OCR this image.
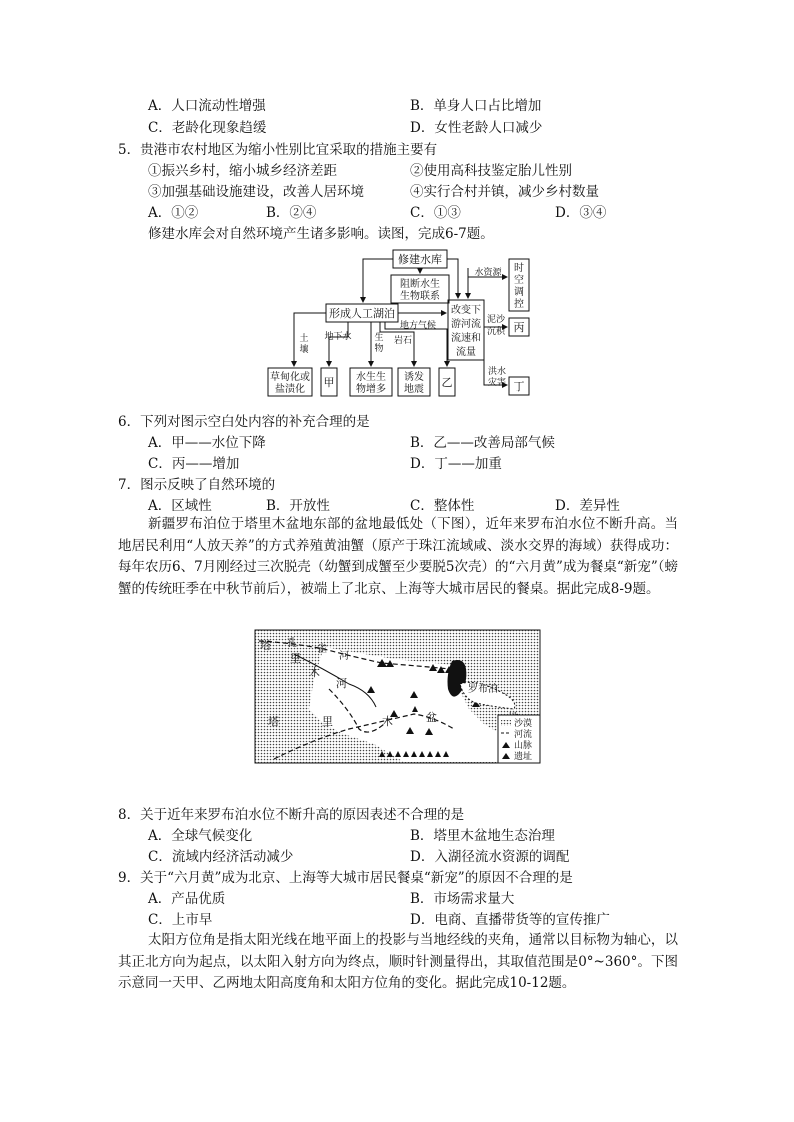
A．人口流动性增强	B．单身人口占比增加
C．老龄化现象趋缓	D．女性老龄人口减少
5．贵港市农村地区为缩小性别比宜采取的措施主要有
①振兴乡村，缩小城乡经济差距	②使用高科技鉴定胎儿性别
③加强基础设施建设，改善人居环境	④实行合村并镇，减少乡村数量
A．①②	B．②④	C．①③	D．③④
修建水库会对自然环境产生诸多影响。读图，完成6-7题。
修建水库
阻断水生
生物联系
形成人工湖泊	改变下
游河流
流速和
流量
时
空
调
控
水资源
泥沙
沉积
洪水
灾害
丙
丁
土
壤
地下水	生
物
地方气候
岩石
草甸化或
盐渍化
甲 水生生
物增多
诱发
地震
乙
6．下列对图示空白处内容的补充合理的是
A．甲——水位下降	B．乙——改善局部气候
C．丙——增加	D．丁——加重
7．图示反映了自然环境的
A．区域性	B．开放性	C．整体性	D．差异性
新疆罗布泊位于塔里木盆地东部的盆地最低处（下图），近年来罗布泊水位不断升高。当地居民利用“人放天养”的方式养殖黄油蟹（原产于珠江流域咸、淡水交界的海域）获得成功：每年农历6、7月刚经过三次脱壳（幼蟹到成蟹至少要脱5次壳）的“六月黄”成为餐桌“新宠”（螃蟹的传统旺季在中秋节前后），被端上了北京、上海等大城市居民的餐桌。据此完成8-9题。
塔
里
木
河
孔
雀
河
塔	里	木	盆
罗布泊
沙漠
河流
山脉
遗址
8．关于近年来罗布泊水位不断升高的原因表述不合理的是
A．全球气候变化	B．塔里木盆地生态治理
C．流域内经济活动减少	D．入湖径流水资源的调配
9．关于“六月黄”成为北京、上海等大城市居民餐桌“新宠”的原因不合理的是
A．产品优质	B．市场需求量大
C．上市早	D．电商、直播带货等的宣传推广
太阳方位角是指太阳光线在地平面上的投影与当地经线的夹角，通常以目标物为轴心，以其正北方向为起点，以太阳入射方向为终点，顺时针测量得出，其取值范围是0°~360°。下图示意同一天甲、乙两地太阳高度角和太阳方位角的变化。据此完成10-12题。
